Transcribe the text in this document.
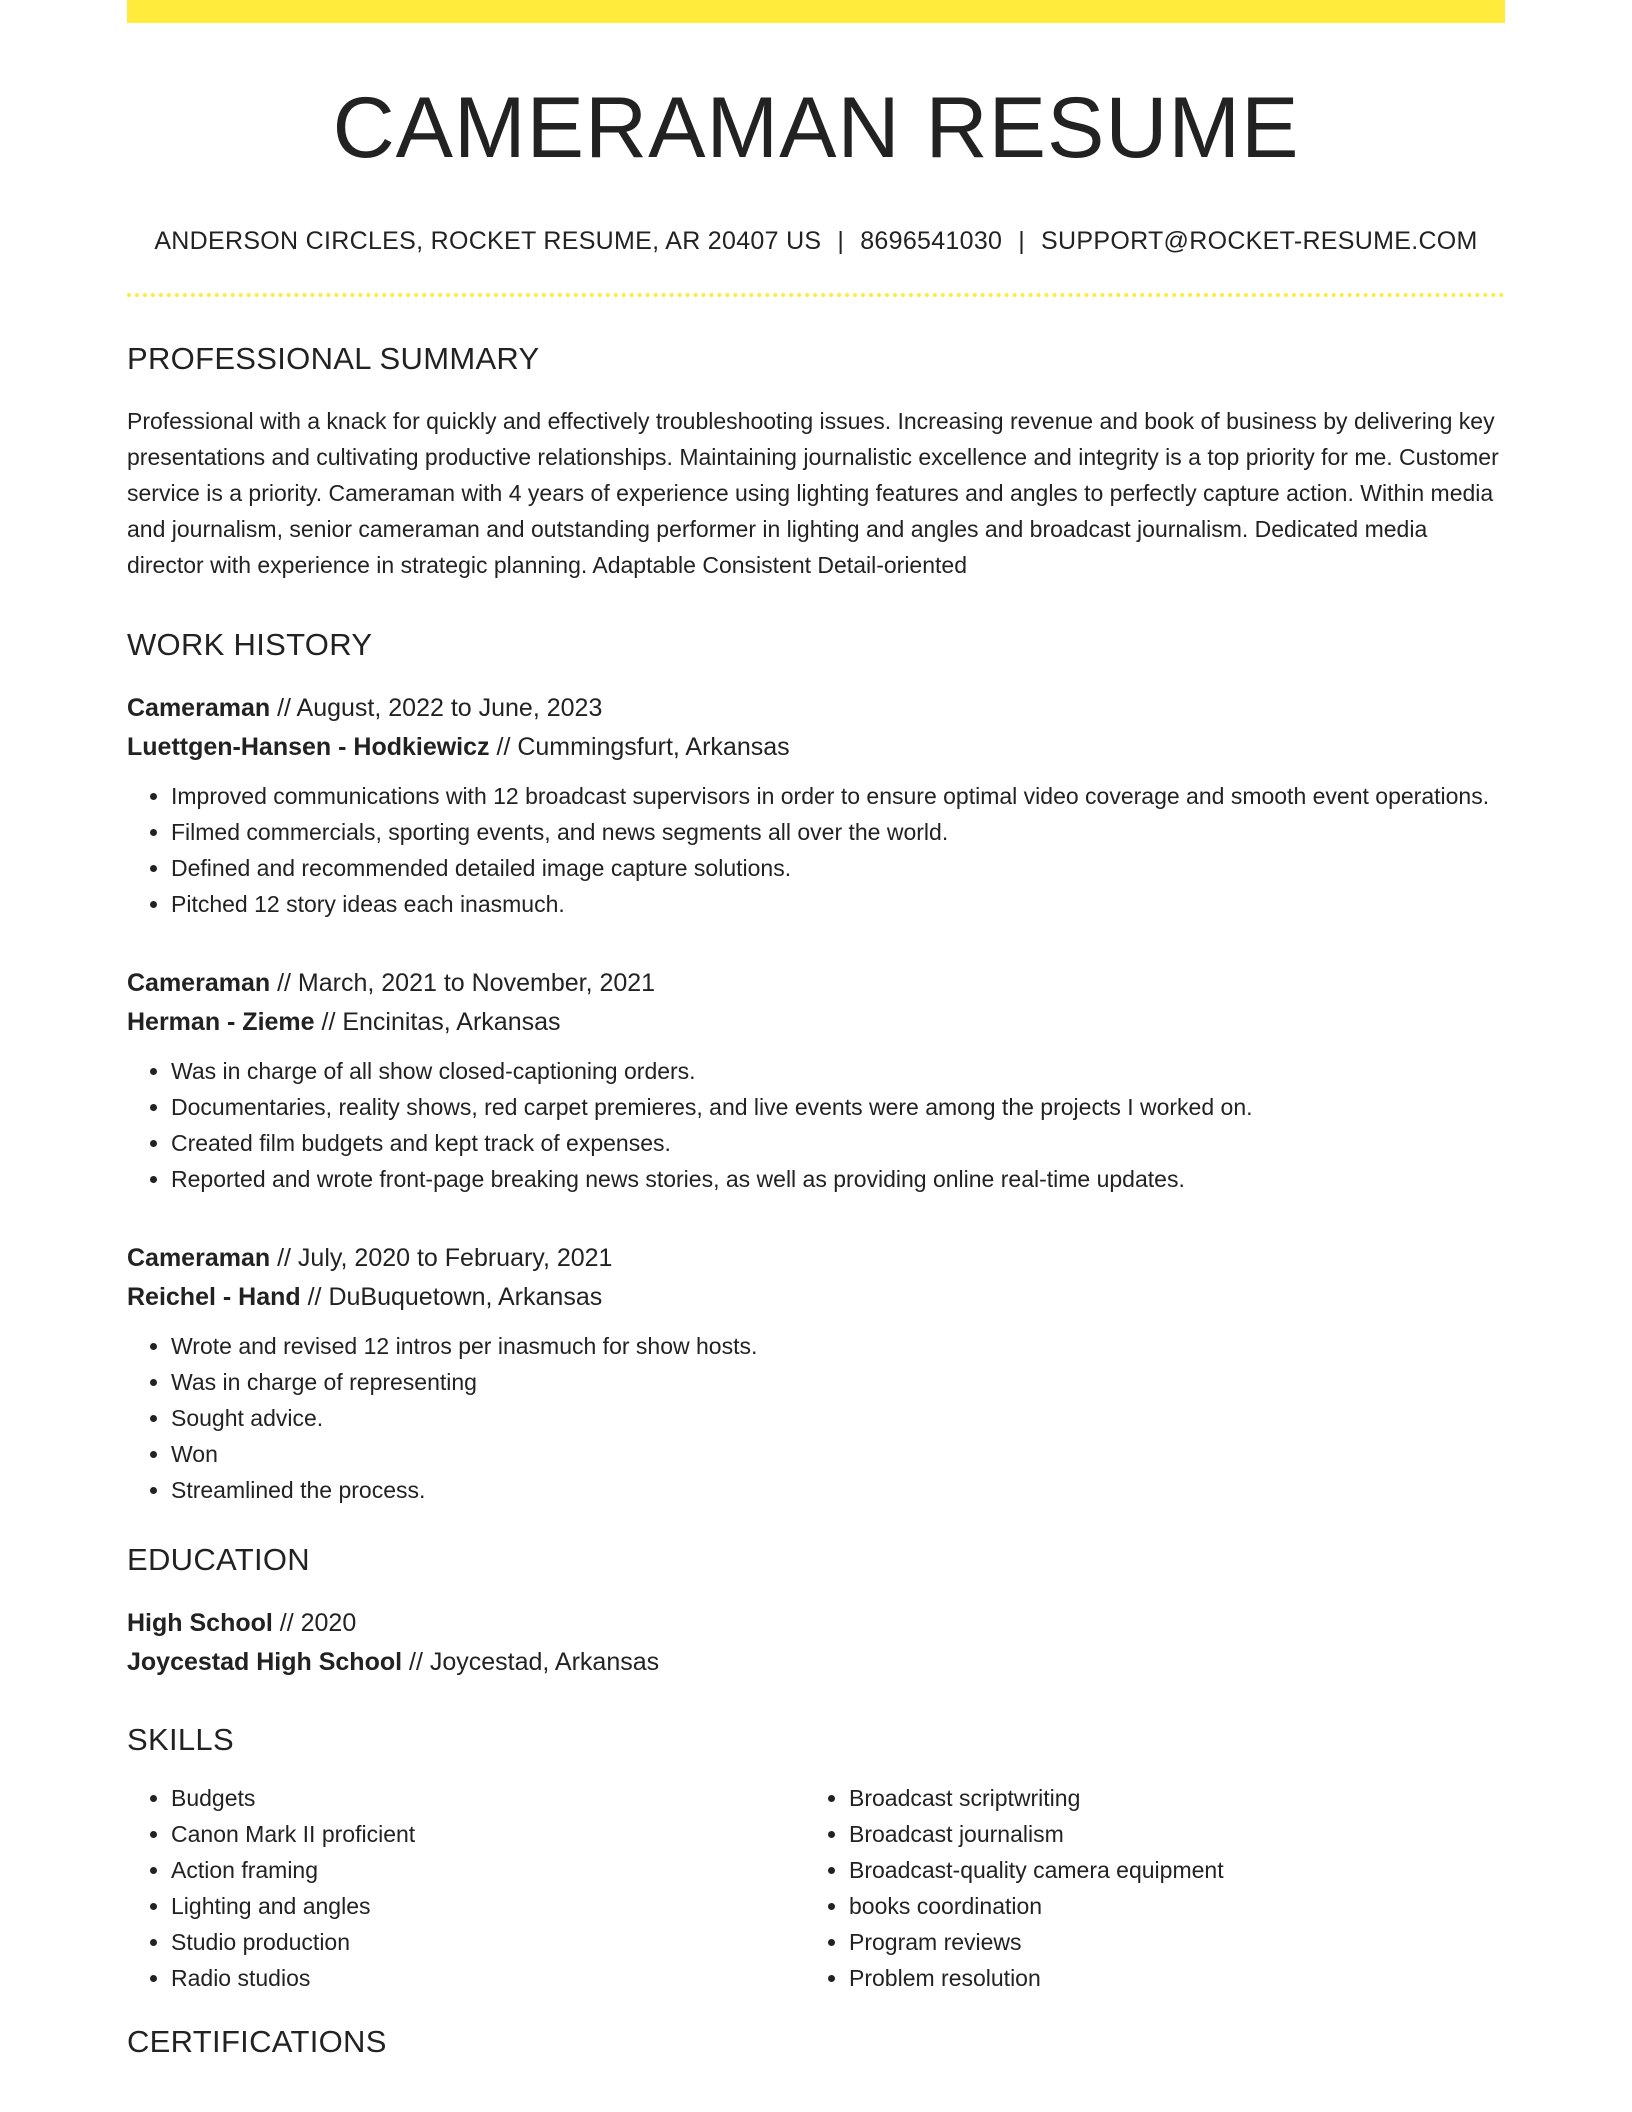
CAMERAMAN RESUME
ANDERSON CIRCLES, ROCKET RESUME, AR 20407 US | 8696541030 | SUPPORT@ROCKET-RESUME.COM
PROFESSIONAL SUMMARY
Professional with a knack for quickly and effectively troubleshooting issues. Increasing revenue and book of business by delivering key presentations and cultivating productive relationships. Maintaining journalistic excellence and integrity is a top priority for me. Customer service is a priority. Cameraman with 4 years of experience using lighting features and angles to perfectly capture action. Within media and journalism, senior cameraman and outstanding performer in lighting and angles and broadcast journalism. Dedicated media director with experience in strategic planning. Adaptable Consistent Detail-oriented
WORK HISTORY
Cameraman // August, 2022 to June, 2023
Luettgen-Hansen - Hodkiewicz // Cummingsfurt, Arkansas
• Improved communications with 12 broadcast supervisors in order to ensure optimal video coverage and smooth event operations.
• Filmed commercials, sporting events, and news segments all over the world.
• Defined and recommended detailed image capture solutions.
• Pitched 12 story ideas each inasmuch.
Cameraman // March, 2021 to November, 2021
Herman - Zieme // Encinitas, Arkansas
• Was in charge of all show closed-captioning orders.
• Documentaries, reality shows, red carpet premieres, and live events were among the projects I worked on.
• Created film budgets and kept track of expenses.
• Reported and wrote front-page breaking news stories, as well as providing online real-time updates.
Cameraman // July, 2020 to February, 2021
Reichel - Hand // DuBuquetown, Arkansas
• Wrote and revised 12 intros per inasmuch for show hosts.
• Was in charge of representing
• Sought advice.
• Won
• Streamlined the process.
EDUCATION
High School // 2020
Joycestad High School // Joycestad, Arkansas
SKILLS
• Budgets
• Canon Mark II proficient
• Action framing
• Lighting and angles
• Studio production
• Radio studios
• Broadcast scriptwriting
• Broadcast journalism
• Broadcast-quality camera equipment
• books coordination
• Program reviews
• Problem resolution
CERTIFICATIONS
